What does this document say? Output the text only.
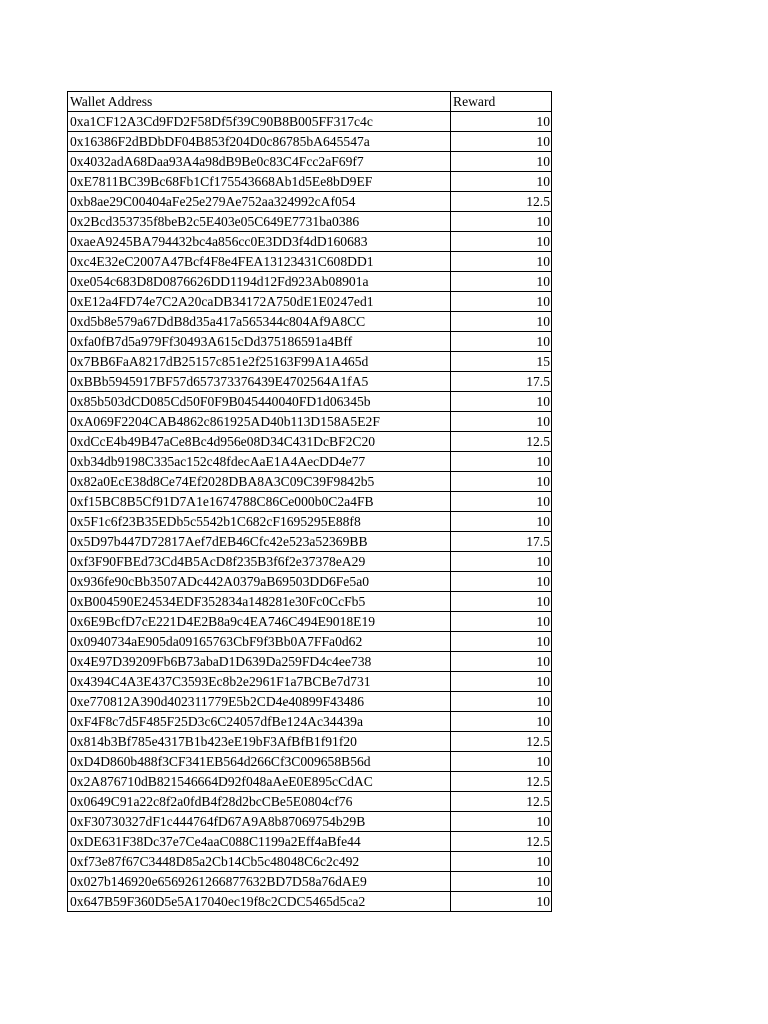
Wallet Address	Reward
0xa1CF12A3Cd9FD2F58Df5f39C90B8B005FF317c4c	10
0x16386F2dBDbDF04B853f204D0c86785bA645547a	10
0x4032adA68Daa93A4a98dB9Be0c83C4Fcc2aF69f7	10
0xE7811BC39Bc68Fb1Cf175543668Ab1d5Ee8bD9EF	10
0xb8ae29C00404aFe25e279Ae752aa324992cAf054	12.5
0x2Bcd353735f8beB2c5E403e05C649E7731ba0386	10
0xaeA9245BA794432bc4a856cc0E3DD3f4dD160683	10
0xc4E32eC2007A47Bcf4F8e4FEA13123431C608DD1	10
0xe054c683D8D0876626DD1194d12Fd923Ab08901a	10
0xE12a4FD74e7C2A20caDB34172A750dE1E0247ed1	10
0xd5b8e579a67DdB8d35a417a565344c804Af9A8CC	10
0xfa0fB7d5a979Ff30493A615cDd375186591a4Bff	10
0x7BB6FaA8217dB25157c851e2f25163F99A1A465d	15
0xBBb5945917BF57d657373376439E4702564A1fA5	17.5
0x85b503dCD085Cd50F0F9B045440040FD1d06345b	10
0xA069F2204CAB4862c861925AD40b113D158A5E2F	10
0xdCcE4b49B47aCe8Bc4d956e08D34C431DcBF2C20	12.5
0xb34db9198C335ac152c48fdecAaE1A4AecDD4e77	10
0x82a0EcE38d8Ce74Ef2028DBA8A3C09C39F9842b5	10
0xf15BC8B5Cf91D7A1e1674788C86Ce000b0C2a4FB	10
0x5F1c6f23B35EDb5c5542b1C682cF1695295E88f8	10
0x5D97b447D72817Aef7dEB46Cfc42e523a52369BB	17.5
0xf3F90FBEd73Cd4B5AcD8f235B3f6f2e37378eA29	10
0x936fe90cBb3507ADc442A0379aB69503DD6Fe5a0	10
0xB004590E24534EDF352834a148281e30Fc0CcFb5	10
0x6E9BcfD7cE221D4E2B8a9c4EA746C494E9018E19	10
0x0940734aE905da09165763CbF9f3Bb0A7FFa0d62	10
0x4E97D39209Fb6B73abaD1D639Da259FD4c4ee738	10
0x4394C4A3E437C3593Ec8b2e2961F1a7BCBe7d731	10
0xe770812A390d402311779E5b2CD4e40899F43486	10
0xF4F8c7d5F485F25D3c6C24057dfBe124Ac34439a	10
0x814b3Bf785e4317B1b423eE19bF3AfBfB1f91f20	12.5
0xD4D860b488f3CF341EB564d266Cf3C009658B56d	10
0x2A876710dB821546664D92f048aAeE0E895cCdAC	12.5
0x0649C91a22c8f2a0fdB4f28d2bcCBe5E0804cf76	12.5
0xF30730327dF1c444764fD67A9A8b87069754b29B	10
0xDE631F38Dc37e7Ce4aaC088C1199a2Eff4aBfe44	12.5
0xf73e87f67C3448D85a2Cb14Cb5c48048C6c2c492	10
0x027b146920e6569261266877632BD7D58a76dAE9	10
0x647B59F360D5e5A17040ec19f8c2CDC5465d5ca2	10
